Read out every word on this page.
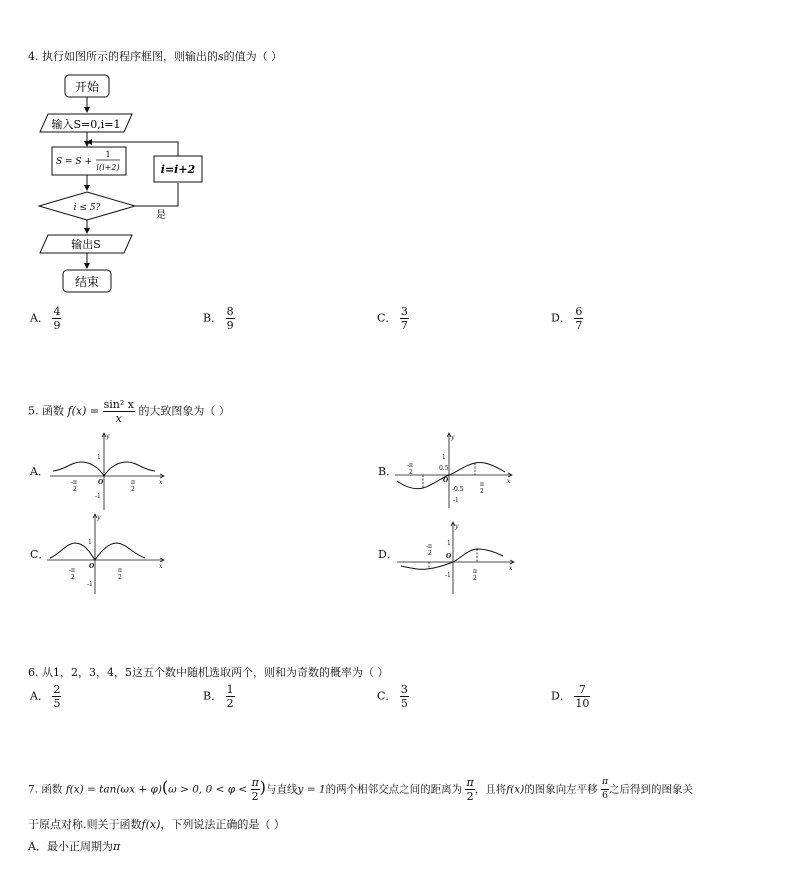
4. 执行如图所示的程序框图，则输出的s的值为（ ）
开始
输入S=0,i=1
S = S +
1
i(i+2)	i=i+2
i ≤ 5?
是
输出S
结束
A． $\frac{4}{9}$	B． $\frac{8}{9}$	C． $\frac{3}{7}$	D． $\frac{6}{7}$
5. 函数 $f(x) = \frac{\text{sin² x}}{x}$ 的大致图象为（ ）
A．
y
x
1
-1
O
-π
2
π
2
B．
y
x
1
0.5
-0.5
-1
O
-π
2
π
2
C．
y
x
1
-1
O
-π
2
π
2
D．
y
x
1
-1
O
-π
2
π
2
6. 从1，2，3，4，5这五个数中随机选取两个，则和为奇数的概率为（ ）
A． $\frac{2}{5}$	B． $\frac{1}{2}$	C． $\frac{3}{5}$	D． $\frac{7}{10}$
7. 函数 f(x) = tan(ωx + φ)(ω > 0, $0 < \varphi < \frac{\pi}{2}$ )与直线y = 1的两个相邻交点之间的距离为 $\frac{\pi}{2}$ ，且将f(x)的图象向左平移 $\frac{\pi}{6}$ 之后得到的图象关
于原点对称.则关于函数f(x)，下列说法正确的是（ ）
A．最小正周期为π
